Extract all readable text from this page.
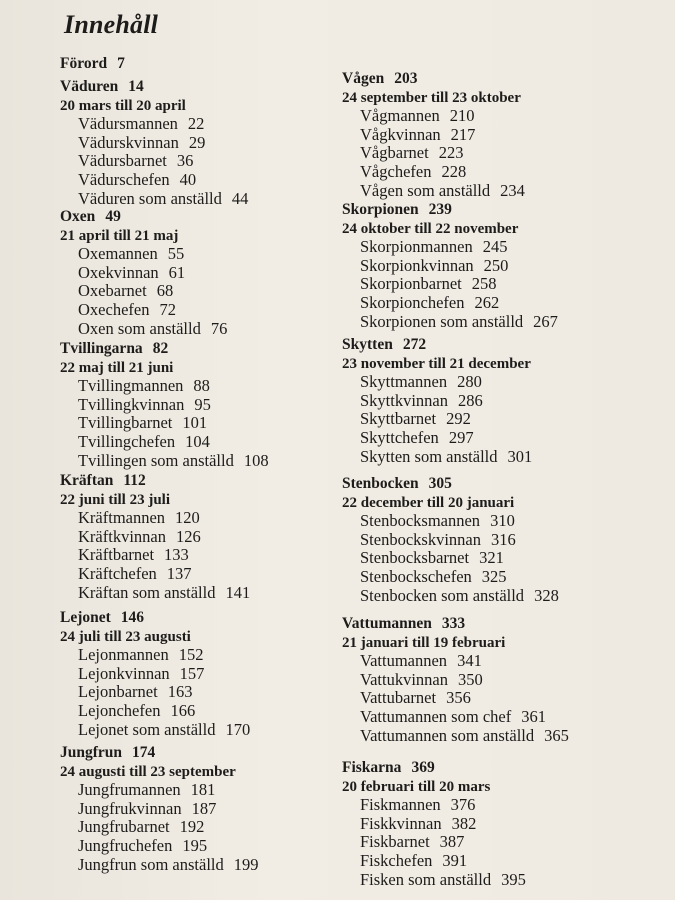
Innehåll
Förord 7
Väduren 14
20 mars till 20 april
Vädursmannen 22
Vädurskvinnan 29
Vädursbarnet 36
Vädurschefen 40
Väduren som anställd 44
Oxen 49
21 april till 21 maj
Oxemannen 55
Oxekvinnan 61
Oxebarnet 68
Oxechefen 72
Oxen som anställd 76
Tvillingarna 82
22 maj till 21 juni
Tvillingmannen 88
Tvillingkvinnan 95
Tvillingbarnet 101
Tvillingchefen 104
Tvillingen som anställd 108
Kräftan 112
22 juni till 23 juli
Kräftmannen 120
Kräftkvinnan 126
Kräftbarnet 133
Kräftchefen 137
Kräftan som anställd 141
Lejonet 146
24 juli till 23 augusti
Lejonmannen 152
Lejonkvinnan 157
Lejonbarnet 163
Lejonchefen 166
Lejonet som anställd 170
Jungfrun 174
24 augusti till 23 september
Jungfrumannen 181
Jungfrukvinnan 187
Jungfrubarnet 192
Jungfruchefen 195
Jungfrun som anställd 199
Vågen 203
24 september till 23 oktober
Vågmannen 210
Vågkvinnan 217
Vågbarnet 223
Vågchefen 228
Vågen som anställd 234
Skorpionen 239
24 oktober till 22 november
Skorpionmannen 245
Skorpionkvinnan 250
Skorpionbarnet 258
Skorpionchefen 262
Skorpionen som anställd 267
Skytten 272
23 november till 21 december
Skyttmannen 280
Skyttkvinnan 286
Skyttbarnet 292
Skyttchefen 297
Skytten som anställd 301
Stenbocken 305
22 december till 20 januari
Stenbocksmannen 310
Stenbockskvinnan 316
Stenbocksbarnet 321
Stenbockschefen 325
Stenbocken som anställd 328
Vattumannen 333
21 januari till 19 februari
Vattumannen 341
Vattukvinnan 350
Vattubarnet 356
Vattumannen som chef 361
Vattumannen som anställd 365
Fiskarna 369
20 februari till 20 mars
Fiskmannen 376
Fiskkvinnan 382
Fiskbarnet 387
Fiskchefen 391
Fisken som anställd 395
